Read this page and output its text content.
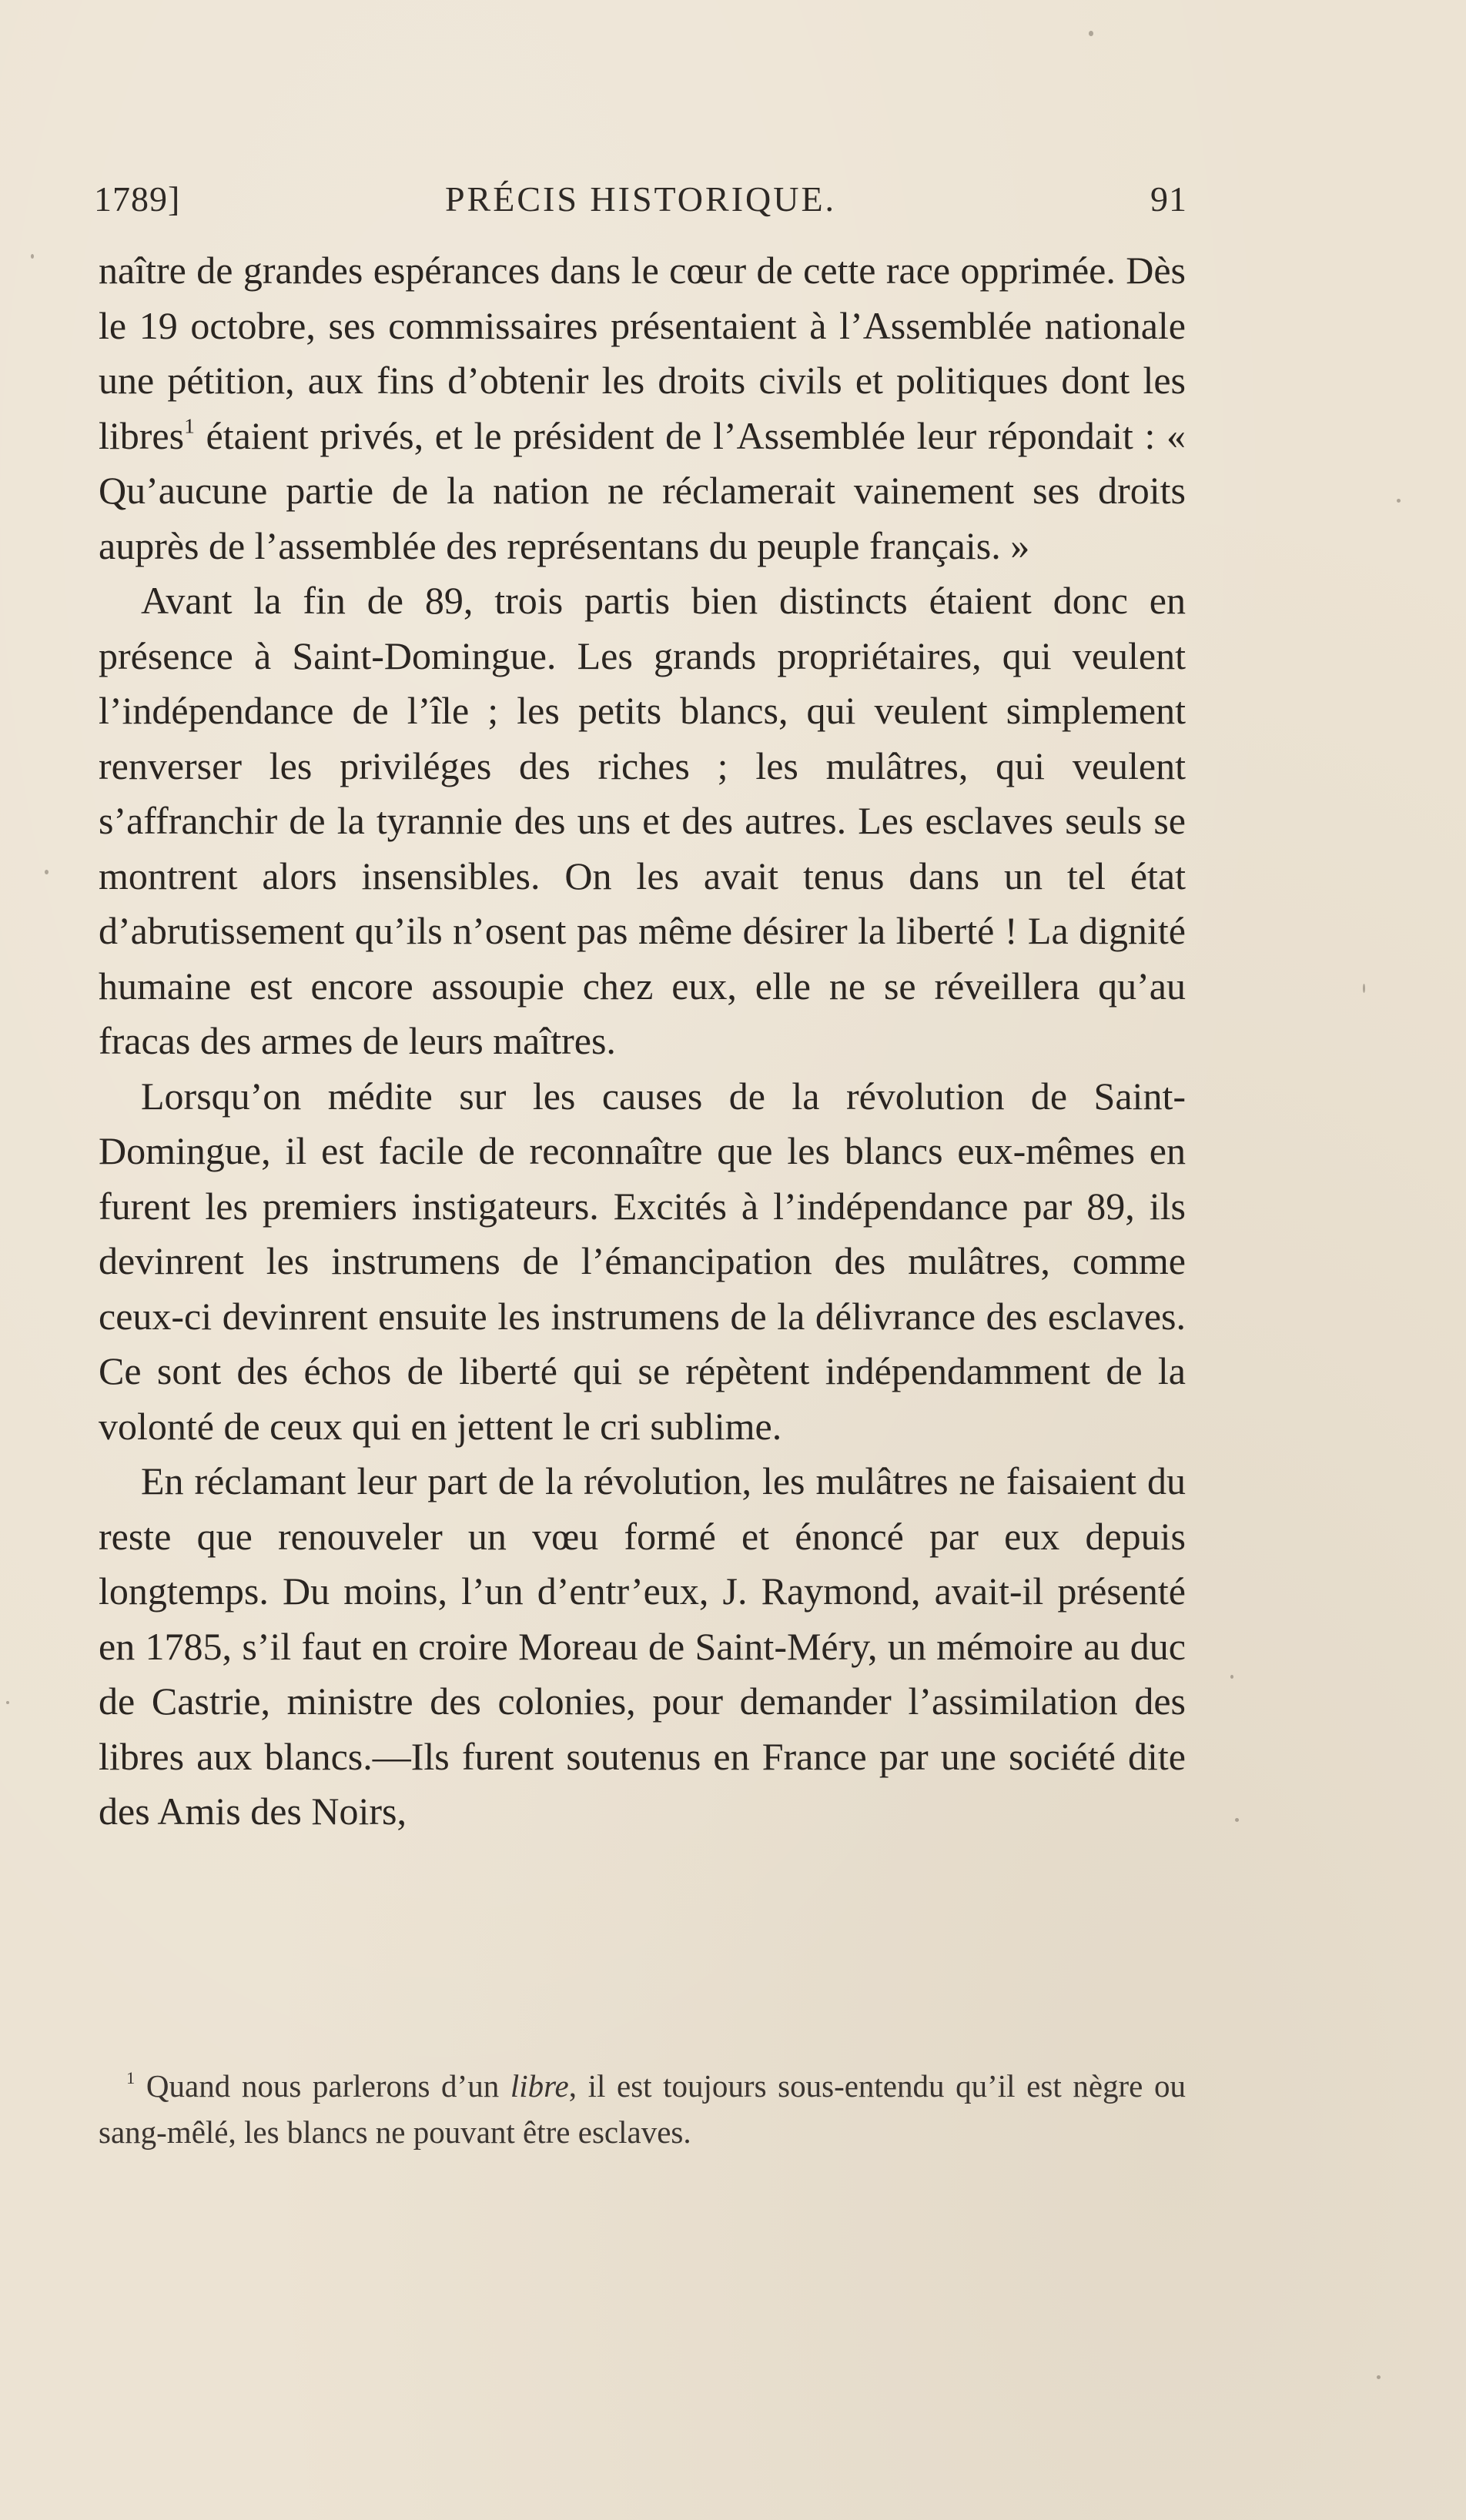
1789]	PRÉCIS HISTORIQUE.	91

naître de grandes espérances dans le cœur de cette race opprimée. Dès le 19 octobre, ses commissaires présentaient à l’Assemblée nationale une pétition, aux fins d’obtenir les droits civils et politiques dont les libres$^1$ étaient privés, et le président de l’Assemblée leur répondait : « Qu’aucune partie de la nation ne réclamerait vainement ses droits auprès de l’assemblée des représentans du peuple français. »

Avant la fin de 89, trois partis bien distincts étaient donc en présence à Saint-Domingue. Les grands propriétaires, qui veulent l’indépendance de l’île ; les petits blancs, qui veulent simplement renverser les priviléges des riches ; les mulâtres, qui veulent s’affranchir de la tyrannie des uns et des autres. Les esclaves seuls se montrent alors insensibles. On les avait tenus dans un tel état d’abrutissement qu’ils n’osent pas même désirer la liberté ! La dignité humaine est encore assoupie chez eux, elle ne se réveillera qu’au fracas des armes de leurs maîtres.

Lorsqu’on médite sur les causes de la révolution de Saint-Domingue, il est facile de reconnaître que les blancs eux-mêmes en furent les premiers instigateurs. Excités à l’indépendance par 89, ils devinrent les instrumens de l’émancipation des mulâtres, comme ceux-ci devinrent ensuite les instrumens de la délivrance des esclaves. Ce sont des échos de liberté qui se répètent indépendamment de la volonté de ceux qui en jettent le cri sublime.

En réclamant leur part de la révolution, les mulâtres ne faisaient du reste que renouveler un vœu formé et énoncé par eux depuis longtemps. Du moins, l’un d’entr’eux, J. Raymond, avait-il présenté en 1785, s’il faut en croire Moreau de Saint-Méry, un mémoire au duc de Castrie, ministre des colonies, pour demander l’assimilation des libres aux blancs.—Ils furent soutenus en France par une société dite des Amis des Noirs,

$^1$ Quand nous parlerons d’un libre, il est toujours sous-entendu qu’il est nègre ou sang-mêlé, les blancs ne pouvant être esclaves.
